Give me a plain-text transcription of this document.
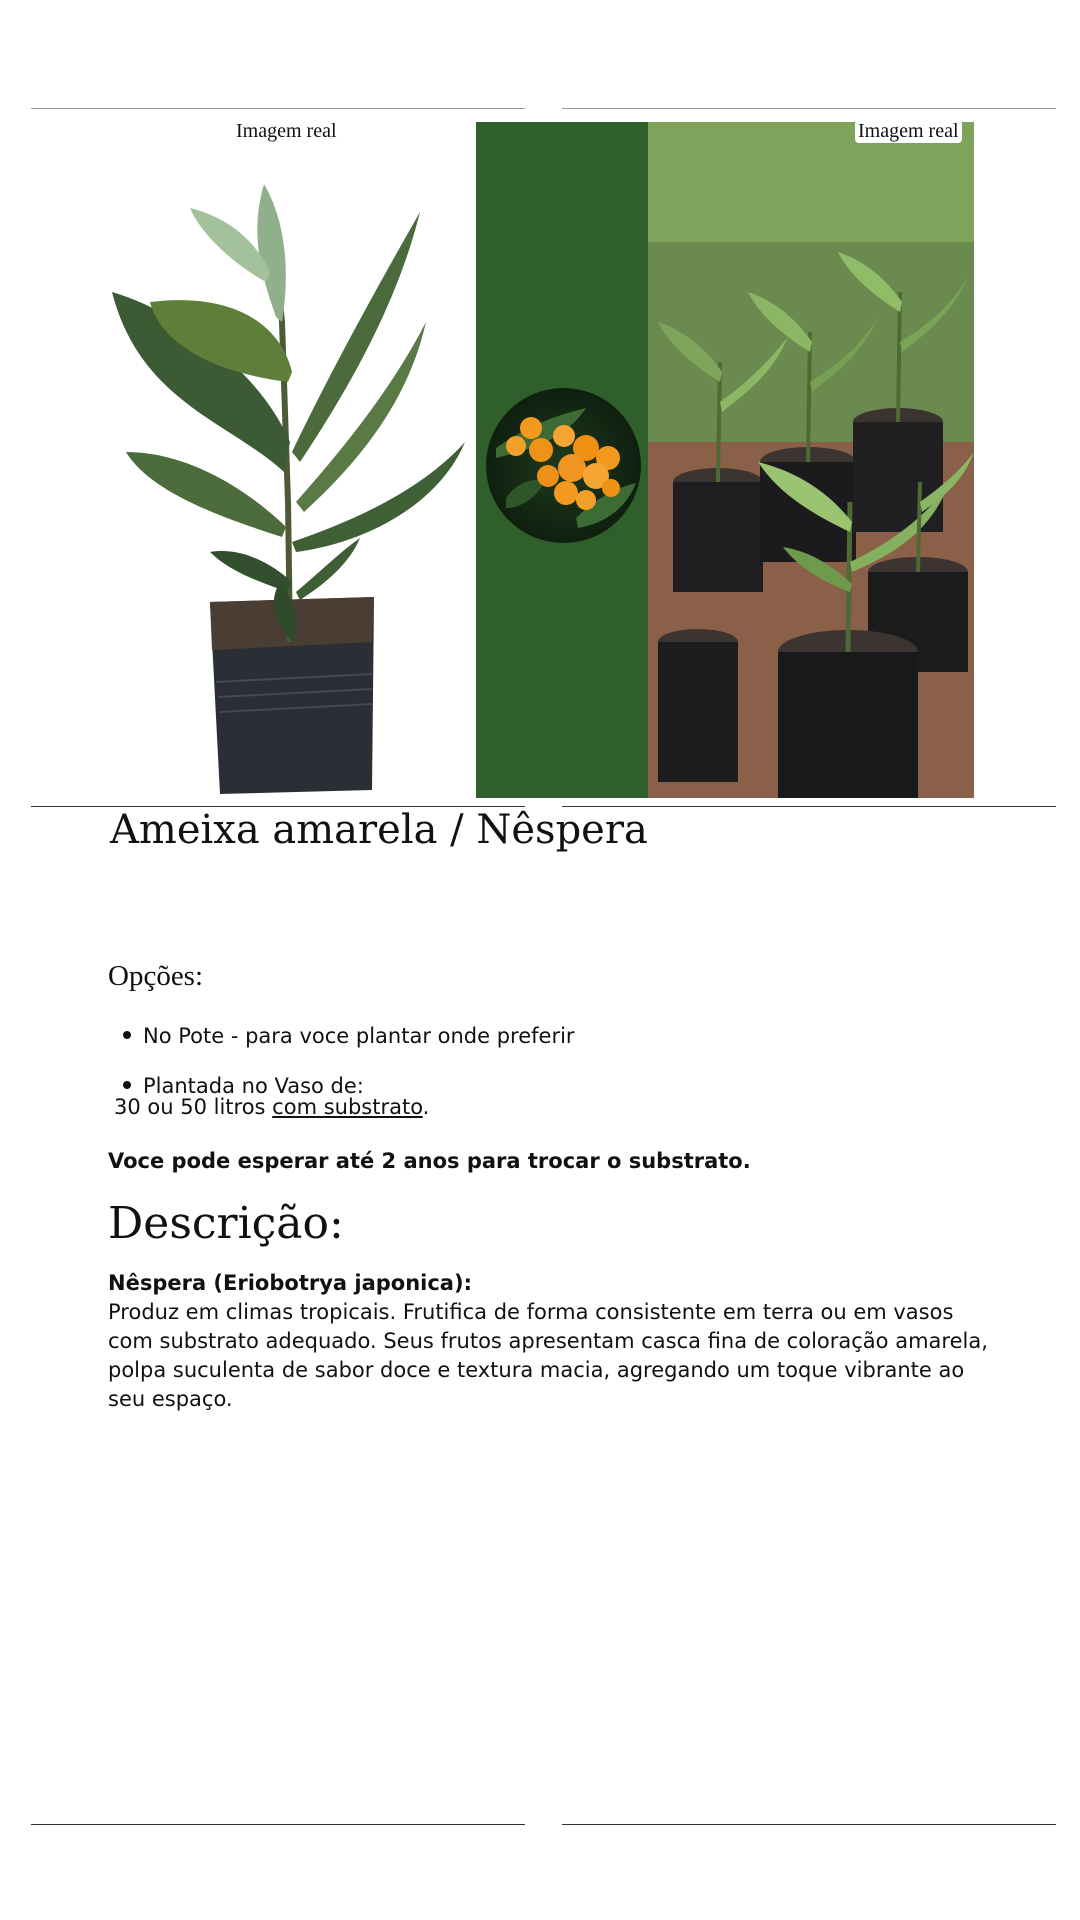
Imagem real	Imagem real
Ameixa amarela / Nêspera
Opções:
No Pote - para voce plantar onde preferir
Plantada no Vaso de:
30 ou 50 litros com substrato.
Voce pode esperar até 2 anos para trocar o substrato.
Descrição:
Nêspera (Eriobotrya japonica):

Produz em climas tropicais. Frutifica de forma consistente em terra ou em vasos com substrato adequado. Seus frutos apresentam casca fina de coloração amarela, polpa suculenta de sabor doce e textura macia, agregando um toque vibrante ao seu espaço.
